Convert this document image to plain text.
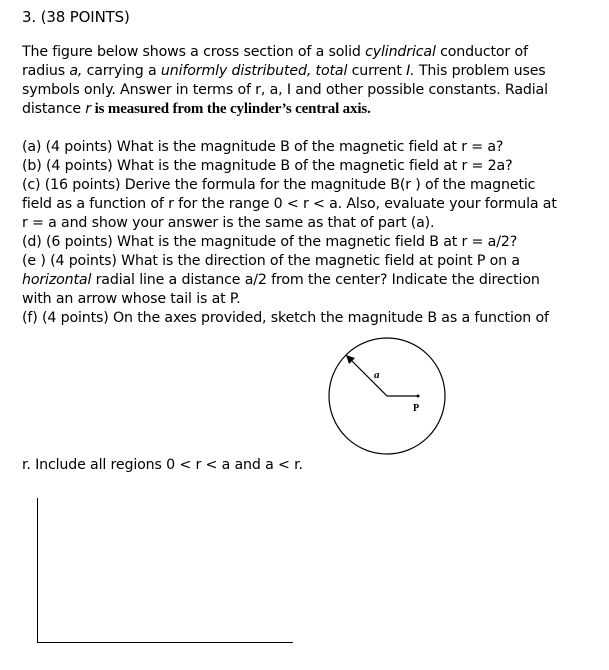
3. (38 POINTS)
The figure below shows a cross section of a solid cylindrical conductor of
radius a, carrying a uniformly distributed, total current I. This problem uses
symbols only. Answer in terms of r, a, I and other possible constants. Radial
distance r is measured from the cylinder’s central axis.
(a) (4 points) What is the magnitude B of the magnetic field at r = a?
(b) (4 points) What is the magnitude B of the magnetic field at r = 2a?
(c) (16 points) Derive the formula for the magnitude B(r ) of the magnetic
field as a function of r for the range 0 < r < a. Also, evaluate your formula at
r = a and show your answer is the same as that of part (a).
(d) (6 points) What is the magnitude of the magnetic field B at r = a/2?
(e ) (4 points) What is the direction of the magnetic field at point P on a
horizontal radial line a distance a/2 from the center? Indicate the direction
with an arrow whose tail is at P.
(f) (4 points) On the axes provided, sketch the magnitude B as a function of
r. Include all regions 0 < r < a and a < r.
a
P
